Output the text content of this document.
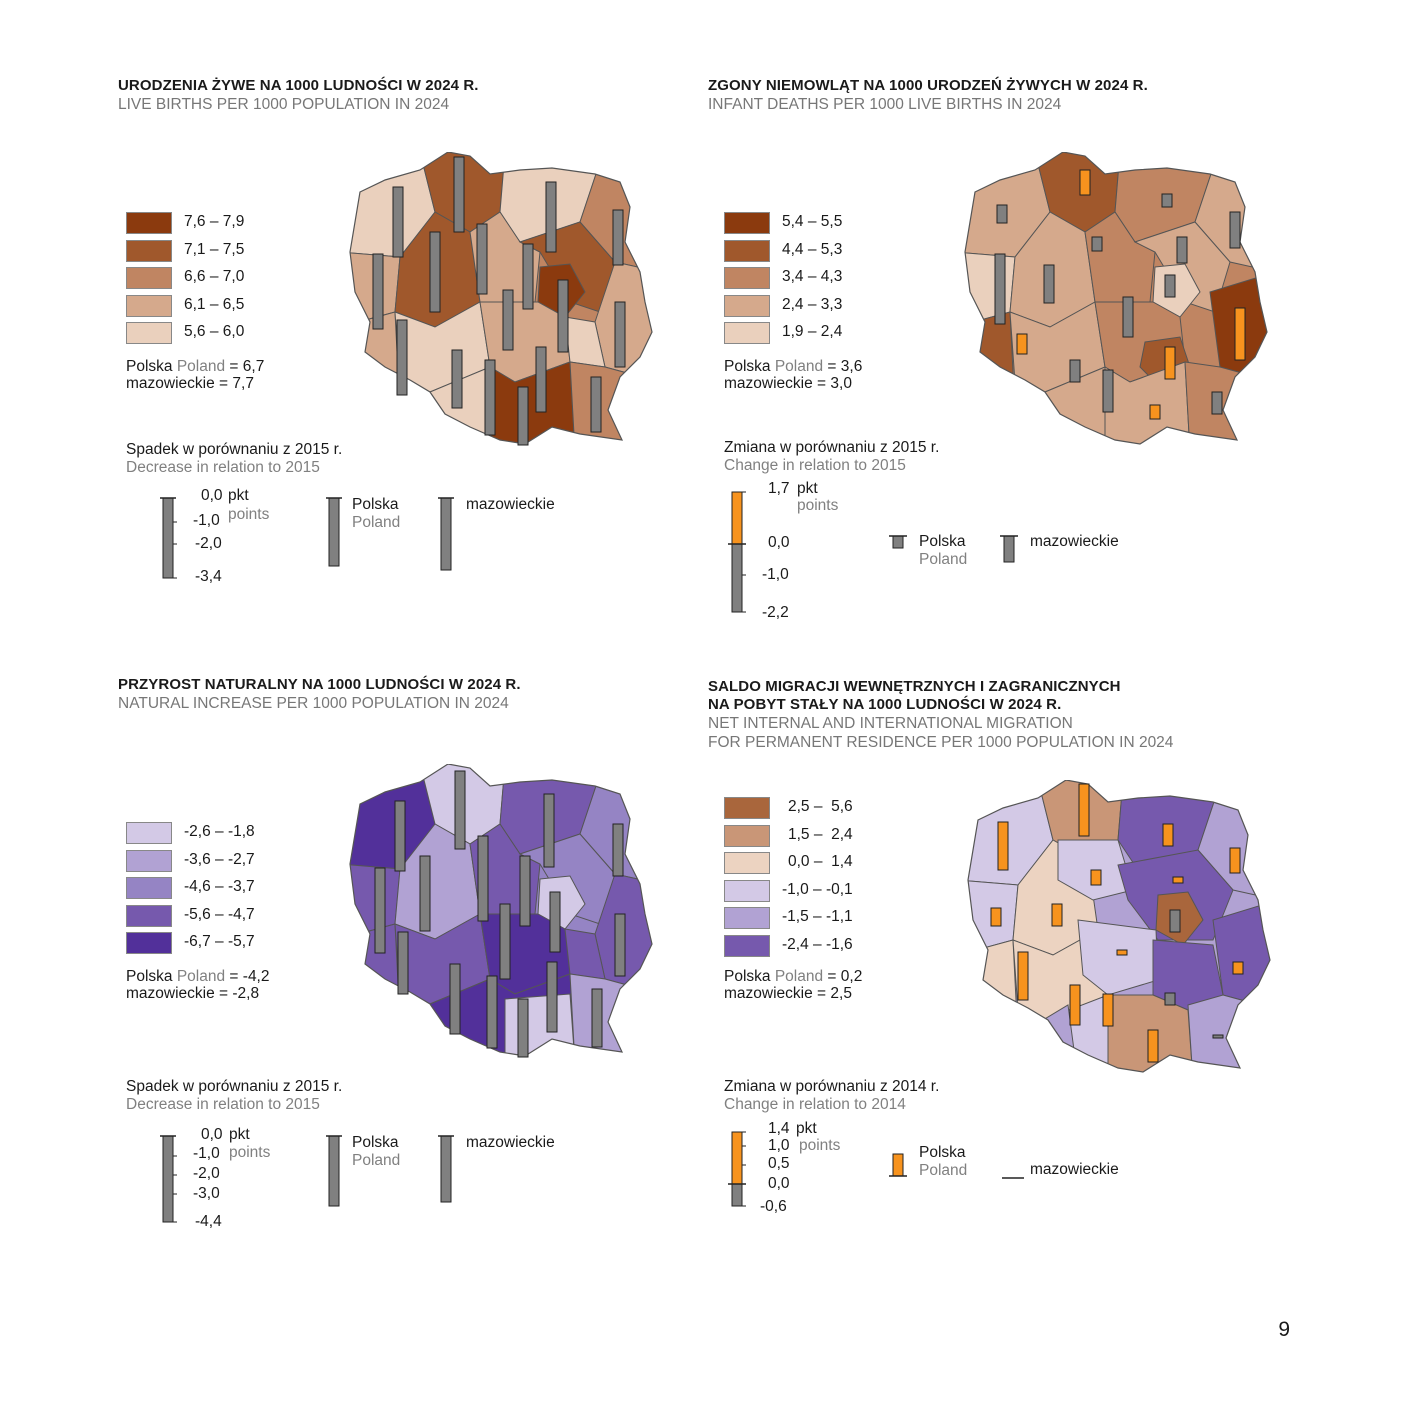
URODZENIA ŻYWE NA 1000 LUDNOŚCI W 2024 R.
LIVE BIRTHS PER 1000 POPULATION IN 2024
7,6 – 7,9
7,1 – 7,5
6,6 – 7,0
6,1 – 6,5
5,6 – 6,0
Polska Poland = 6,7
mazowieckie = 7,7
Spadek w porównaniu z 2015 r.
Decrease in relation to 2015
0,0 pkt
-1,0 points
-2,0
-3,4
Polska
Poland
mazowieckie
ZGONY NIEMOWLĄT NA 1000 URODZEŃ ŻYWYCH W 2024 R.
INFANT DEATHS PER 1000 LIVE BIRTHS IN 2024
5,4 – 5,5
4,4 – 5,3
3,4 – 4,3
2,4 – 3,3
1,9 – 2,4
Polska Poland = 3,6
mazowieckie = 3,0
Zmiana w porównaniu z 2015 r.
Change in relation to 2015
1,7 pkt
points
0,0
-1,0
-2,2
Polska
Poland
mazowieckie
PRZYROST NATURALNY NA 1000 LUDNOŚCI W 2024 R.
NATURAL INCREASE PER 1000 POPULATION IN 2024
-2,6 – -1,8
-3,6 – -2,7
-4,6 – -3,7
-5,6 – -4,7
-6,7 – -5,7
Polska Poland = -4,2
mazowieckie = -2,8
Spadek w porównaniu z 2015 r.
Decrease in relation to 2015
0,0 pkt
-1,0 points
-2,0
-3,0
-4,4
Polska
Poland
mazowieckie
SALDO MIGRACJI WEWNĘTRZNYCH I ZAGRANICZNYCH
NA POBYT STAŁY NA 1000 LUDNOŚCI W 2024 R.
NET INTERNAL AND INTERNATIONAL MIGRATION
FOR PERMANENT RESIDENCE PER 1000 POPULATION IN 2024
2,5 –  5,6
1,5 –  2,4
0,0 –  1,4
-1,0 – -0,1
-1,5 – -1,1
-2,4 – -1,6
Polska Poland = 0,2
mazowieckie = 2,5
Zmiana w porównaniu z 2014 r.
Change in relation to 2014
1,4 pkt
1,0 points
0,5
0,0
-0,6
Polska
Poland	mazowieckie
9
